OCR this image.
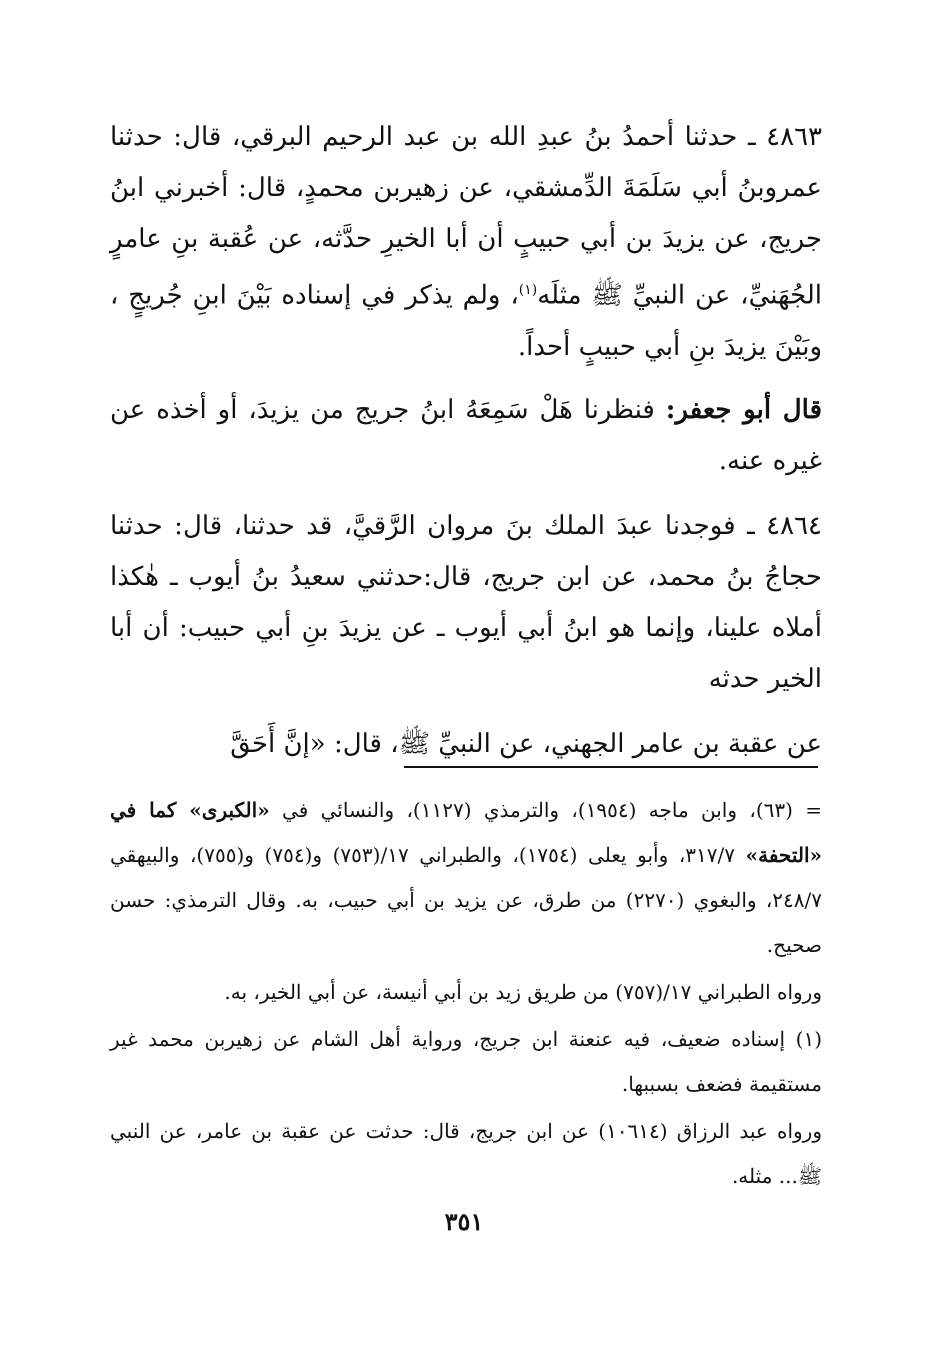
٤٨٦٣ ـ حدثنا أحمدُ بنُ عبدِ الله بن عبد الرحيم البرقي، قال: حدثنا عمروبنُ أبي سَلَمَةَ الدِّمشقي، عن زهيربن محمدٍ، قال: أخبرني ابنُ جريج، عن يزيدَ بن أبي حبيبٍ أن أبا الخيرِ حدَّثه، عن عُقبة بنِ عامرٍ الجُهَنيِّ، عن النبيِّ ﷺ مثلَه$^{(١)}$، ولم يذكر في إسناده بَيْنَ ابنِ جُريجٍ ، وبَيْنَ يزيدَ بنِ أبي حبيبٍ أحداً.

قال أبو جعفر: فنظرنا هَلْ سَمِعَهُ ابنُ جريج من يزيدَ، أو أخذه عن غيره عنه.

٤٨٦٤ ـ فوجدنا عبدَ الملك بنَ مروان الرَّقيَّ، قد حدثنا، قال: حدثنا حجاجُ بنُ محمد، عن ابن جريج، قال:حدثني سعيدُ بنُ أيوب ـ هٰكذا أملاه علينا، وإنما هو ابنُ أبي أيوب ـ عن يزيدَ بنِ أبي حبيب: أن أبا الخير حدثه

عن عقبة بن عامر الجهني، عن النبيِّ ﷺ، قال: «إنَّ أَحَقَّ

= (٦٣)، وابن ماجه (١٩٥٤)، والترمذي (١١٢٧)، والنسائي في «الكبرى» كما في «التحفة» ٣١٧/٧، وأبو يعلى (١٧٥٤)، والطبراني ١٧/(٧٥٣) و(٧٥٤) و(٧٥٥)، والبيهقي ٢٤٨/٧، والبغوي (٢٢٧٠) من طرق، عن يزيد بن أبي حبيب، به. وقال الترمذي: حسن صحيح.

ورواه الطبراني ١٧/(٧٥٧) من طريق زيد بن أبي أنيسة، عن أبي الخير، به.

(١) إسناده ضعيف، فيه عنعنة ابن جريج، ورواية أهل الشام عن زهيربن محمد غير مستقيمة فضعف بسببها.

ورواه عبد الرزاق (١٠٦١٤) عن ابن جريج، قال: حدثت عن عقبة بن عامر، عن النبي ﷺ... مثله.

٣٥١
